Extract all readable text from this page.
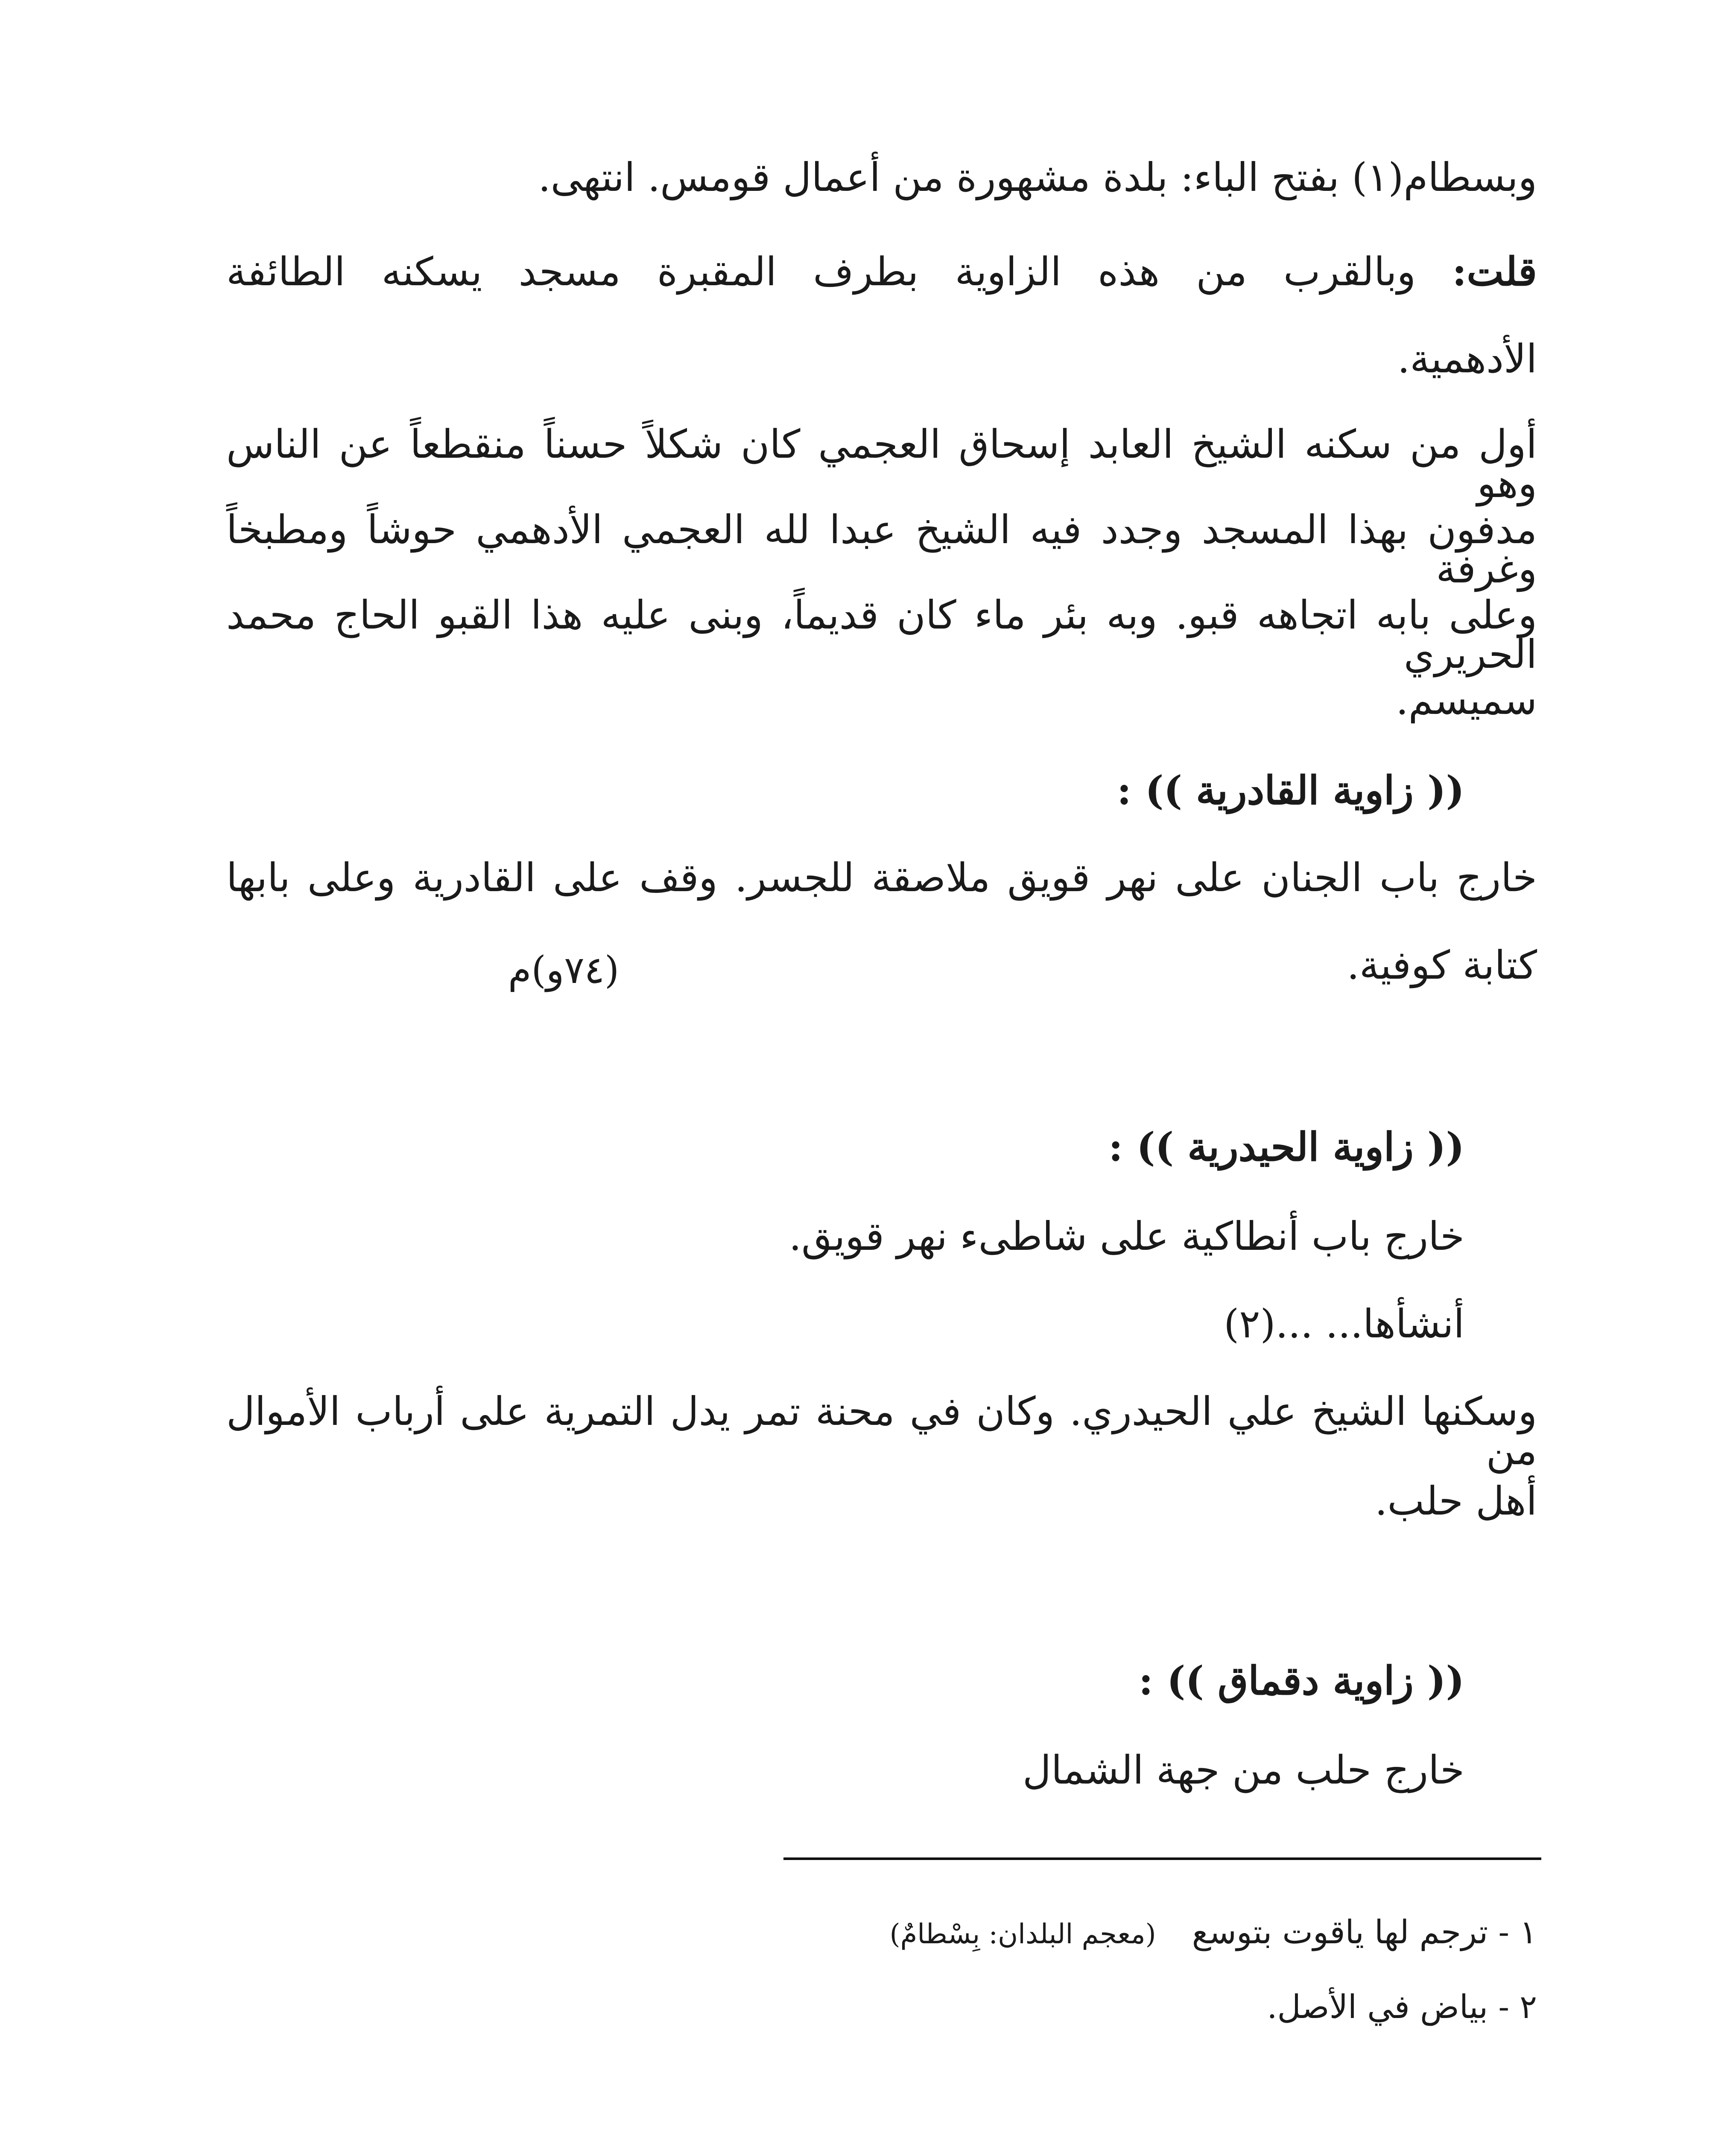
وبسطام(١) بفتح الباء: بلدة مشهورة من أعمال قومس. انتهى.
قلت: وبالقرب من هذه الزاوية بطرف المقبرة مسجد يسكنه الطائفة
الأدهمية.
أول من سكنه الشيخ العابد إسحاق العجمي كان شكلاً حسناً منقطعاً عن الناس وهو
مدفون بهذا المسجد وجدد فيه الشيخ عبدا لله العجمي الأدهمي حوشاً ومطبخاً وغرفة
وعلى بابه اتجاهه قبو. وبه بئر ماء كان قديماً، وبنى عليه هذا القبو الحاج محمد الحريري
سميسم.
(( زاوية القادرية )) :
خارج باب الجنان على نهر قويق ملاصقة للجسر. وقف على القادرية وعلى بابها
كتابة كوفية.
(( زاوية الحيدرية )) :
خارج باب أنطاكية على شاطىء نهر قويق.
أنشأها... ...(٢)
وسكنها الشيخ علي الحيدري. وكان في محنة تمر يدل التمرية على أرباب الأموال من
أهل حلب.
(( زاوية دقماق )) :
خارج حلب من جهة الشمال
(٧٤و)م
١ - ترجم لها ياقوت بتوسع (معجم البلدان: بِسْطامٌ)
٢ - بياض في الأصل.
